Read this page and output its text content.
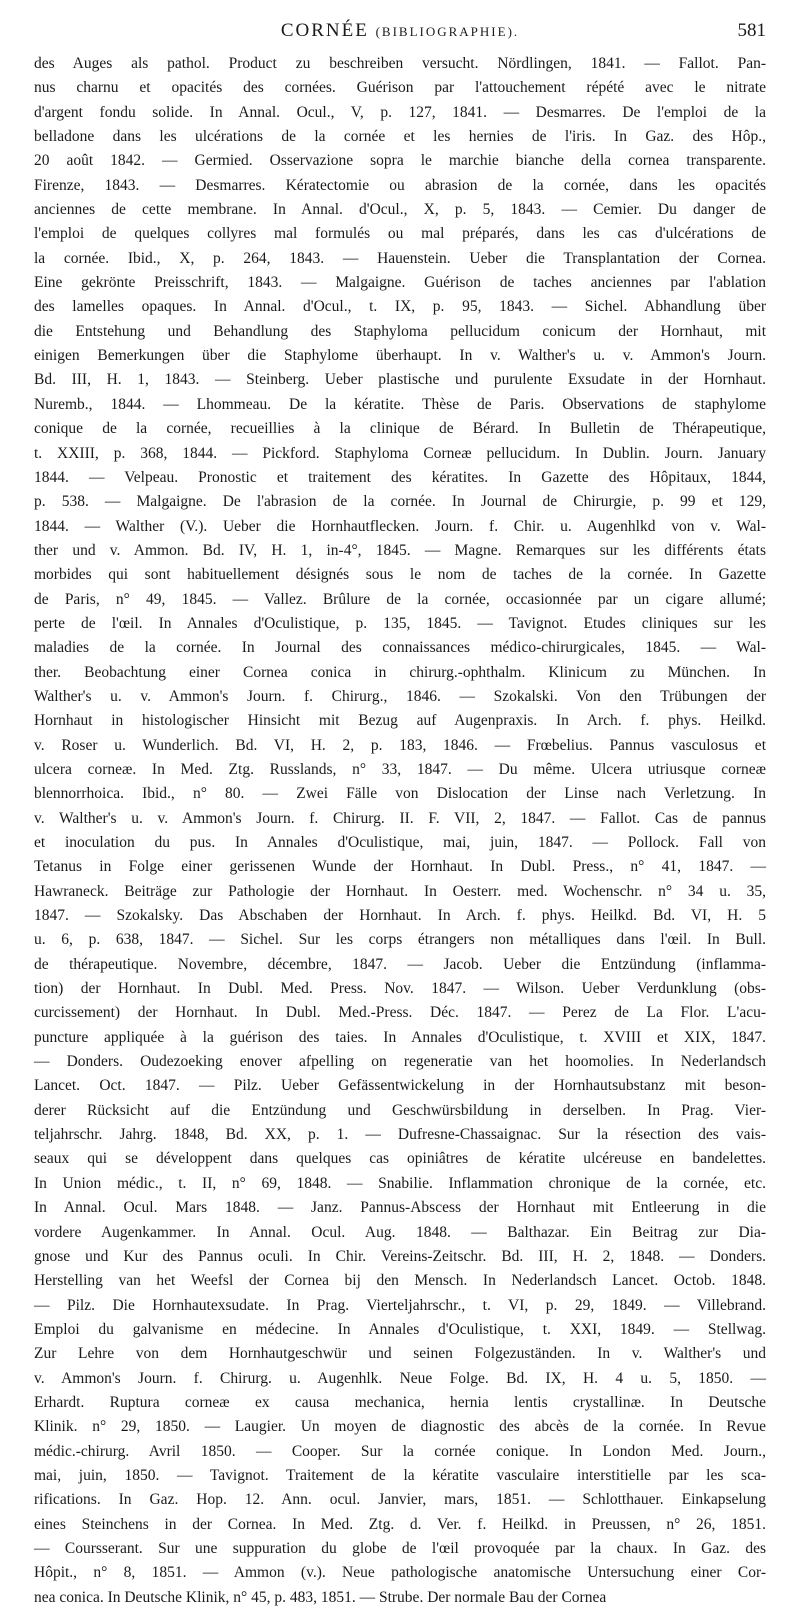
CORNÉE (BIBLIOGRAPHIE).	581
des Auges als pathol. Product zu beschreiben versucht. Nördlingen, 1841. — Fallot. Pan-
nus charnu et opacités des cornées. Guérison par l'attouchement répété avec le nitrate
d'argent fondu solide. In Annal. Ocul., V, p. 127, 1841. — Desmarres. De l'emploi de la
belladone dans les ulcérations de la cornée et les hernies de l'iris. In Gaz. des Hôp.,
20 août 1842. — Germied. Osservazione sopra le marchie bianche della cornea transparente.
Firenze, 1843. — Desmarres. Kératectomie ou abrasion de la cornée, dans les opacités
anciennes de cette membrane. In Annal. d'Ocul., X, p. 5, 1843. — Cemier. Du danger de
l'emploi de quelques collyres mal formulés ou mal préparés, dans les cas d'ulcérations de
la cornée. Ibid., X, p. 264, 1843. — Hauenstein. Ueber die Transplantation der Cornea.
Eine gekrönte Preisschrift, 1843. — Malgaigne. Guérison de taches anciennes par l'ablation
des lamelles opaques. In Annal. d'Ocul., t. IX, p. 95, 1843. — Sichel. Abhandlung über
die Entstehung und Behandlung des Staphyloma pellucidum conicum der Hornhaut, mit
einigen Bemerkungen über die Staphylome überhaupt. In v. Walther's u. v. Ammon's Journ.
Bd. III, H. 1, 1843. — Steinberg. Ueber plastische und purulente Exsudate in der Hornhaut.
Nuremb., 1844. — Lhommeau. De la kératite. Thèse de Paris. Observations de staphylome
conique de la cornée, recueillies à la clinique de Bérard. In Bulletin de Thérapeutique,
t. XXIII, p. 368, 1844. — Pickford. Staphyloma Corneæ pellucidum. In Dublin. Journ. January
1844. — Velpeau. Pronostic et traitement des kératites. In Gazette des Hôpitaux, 1844,
p. 538. — Malgaigne. De l'abrasion de la cornée. In Journal de Chirurgie, p. 99 et 129,
1844. — Walther (V.). Ueber die Hornhautflecken. Journ. f. Chir. u. Augenhlkd von v. Wal-
ther und v. Ammon. Bd. IV, H. 1, in-4°, 1845. — Magne. Remarques sur les différents états
morbides qui sont habituellement désignés sous le nom de taches de la cornée. In Gazette
de Paris, n° 49, 1845. — Vallez. Brûlure de la cornée, occasionnée par un cigare allumé;
perte de l'œil. In Annales d'Oculistique, p. 135, 1845. — Tavignot. Etudes cliniques sur les
maladies de la cornée. In Journal des connaissances médico-chirurgicales, 1845. — Wal-
ther. Beobachtung einer Cornea conica in chirurg.-ophthalm. Klinicum zu München. In
Walther's u. v. Ammon's Journ. f. Chirurg., 1846. — Szokalski. Von den Trübungen der
Hornhaut in histologischer Hinsicht mit Bezug auf Augenpraxis. In Arch. f. phys. Heilkd.
v. Roser u. Wunderlich. Bd. VI, H. 2, p. 183, 1846. — Frœbelius. Pannus vasculosus et
ulcera corneæ. In Med. Ztg. Russlands, n° 33, 1847. — Du même. Ulcera utriusque corneæ
blennorrhoica. Ibid., n° 80. — Zwei Fälle von Dislocation der Linse nach Verletzung. In
v. Walther's u. v. Ammon's Journ. f. Chirurg. II. F. VII, 2, 1847. — Fallot. Cas de pannus
et inoculation du pus. In Annales d'Oculistique, mai, juin, 1847. — Pollock. Fall von
Tetanus in Folge einer gerissenen Wunde der Hornhaut. In Dubl. Press., n° 41, 1847. —
Hawraneck. Beiträge zur Pathologie der Hornhaut. In Oesterr. med. Wochenschr. n° 34 u. 35,
1847. — Szokalsky. Das Abschaben der Hornhaut. In Arch. f. phys. Heilkd. Bd. VI, H. 5
u. 6, p. 638, 1847. — Sichel. Sur les corps étrangers non métalliques dans l'œil. In Bull.
de thérapeutique. Novembre, décembre, 1847. — Jacob. Ueber die Entzündung (inflamma-
tion) der Hornhaut. In Dubl. Med. Press. Nov. 1847. — Wilson. Ueber Verdunklung (obs-
curcissement) der Hornhaut. In Dubl. Med.-Press. Déc. 1847. — Perez de La Flor. L'acu-
puncture appliquée à la guérison des taies. In Annales d'Oculistique, t. XVIII et XIX, 1847.
— Donders. Oudezoeking enover afpelling on regeneratie van het hoomolies. In Nederlandsch
Lancet. Oct. 1847. — Pilz. Ueber Gefässentwickelung in der Hornhautsubstanz mit beson-
derer Rücksicht auf die Entzündung und Geschwürsbildung in derselben. In Prag. Vier-
teljahrschr. Jahrg. 1848, Bd. XX, p. 1. — Dufresne-Chassaignac. Sur la résection des vais-
seaux qui se développent dans quelques cas opiniâtres de kératite ulcéreuse en bandelettes.
In Union médic., t. II, n° 69, 1848. — Snabilie. Inflammation chronique de la cornée, etc.
In Annal. Ocul. Mars 1848. — Janz. Pannus-Abscess der Hornhaut mit Entleerung in die
vordere Augenkammer. In Annal. Ocul. Aug. 1848. — Balthazar. Ein Beitrag zur Dia-
gnose und Kur des Pannus oculi. In Chir. Vereins-Zeitschr. Bd. III, H. 2, 1848. — Donders.
Herstelling van het Weefsl der Cornea bij den Mensch. In Nederlandsch Lancet. Octob. 1848.
— Pilz. Die Hornhautexsudate. In Prag. Vierteljahrschr., t. VI, p. 29, 1849. — Villebrand.
Emploi du galvanisme en médecine. In Annales d'Oculistique, t. XXI, 1849. — Stellwag.
Zur Lehre von dem Hornhautgeschwür und seinen Folgezuständen. In v. Walther's und
v. Ammon's Journ. f. Chirurg. u. Augenhlk. Neue Folge. Bd. IX, H. 4 u. 5, 1850. —
Erhardt. Ruptura corneæ ex causa mechanica, hernia lentis crystallinæ. In Deutsche
Klinik. n° 29, 1850. — Laugier. Un moyen de diagnostic des abcès de la cornée. In Revue
médic.-chirurg. Avril 1850. — Cooper. Sur la cornée conique. In London Med. Journ.,
mai, juin, 1850. — Tavignot. Traitement de la kératite vasculaire interstitielle par les sca-
rifications. In Gaz. Hop. 12. Ann. ocul. Janvier, mars, 1851. — Schlotthauer. Einkapselung
eines Steinchens in der Cornea. In Med. Ztg. d. Ver. f. Heilkd. in Preussen, n° 26, 1851.
— Coursserant. Sur une suppuration du globe de l'œil provoquée par la chaux. In Gaz. des
Hôpit., n° 8, 1851. — Ammon (v.). Neue pathologische anatomische Untersuchung einer Cor-
nea conica. In Deutsche Klinik, n° 45, p. 483, 1851. — Strube. Der normale Bau der Cornea
